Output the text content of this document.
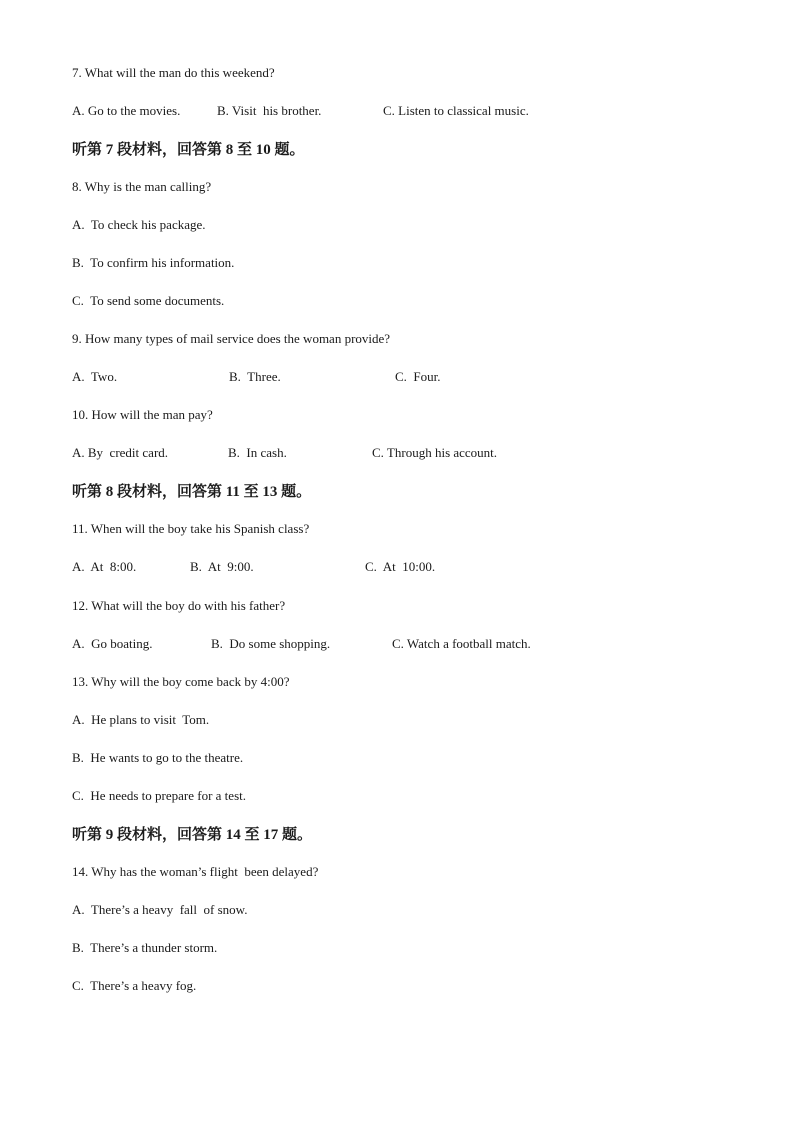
7. What will the man do this weekend?
A. Go to the movies.	B. Visit  his brother.	C. Listen to classical music.
听第 7 段材料，回答第 8 至 10 题。
8. Why is the man calling?
A.  To check his package.
B.  To confirm his information.
C.  To send some documents.
9. How many types of mail service does the woman provide?
A.  Two.	B.  Three.	C.  Four.
10. How will the man pay?
A. By  credit card.	B.  In cash.	C. Through his account.
听第 8 段材料，回答第 11 至 13 题。
11. When will the boy take his Spanish class?
A.  At  8:00.	B.  At  9:00.	C.  At  10:00.
12. What will the boy do with his father?
A.  Go boating.	B.  Do some shopping.	C. Watch a football match.
13. Why will the boy come back by 4:00?
A.  He plans to visit  Tom.
B.  He wants to go to the theatre.
C.  He needs to prepare for a test.
听第 9 段材料，回答第 14 至 17 题。
14. Why has the woman’s flight  been delayed?
A.  There’s a heavy  fall  of snow.
B.  There’s a thunder storm.
C.  There’s a heavy fog.
